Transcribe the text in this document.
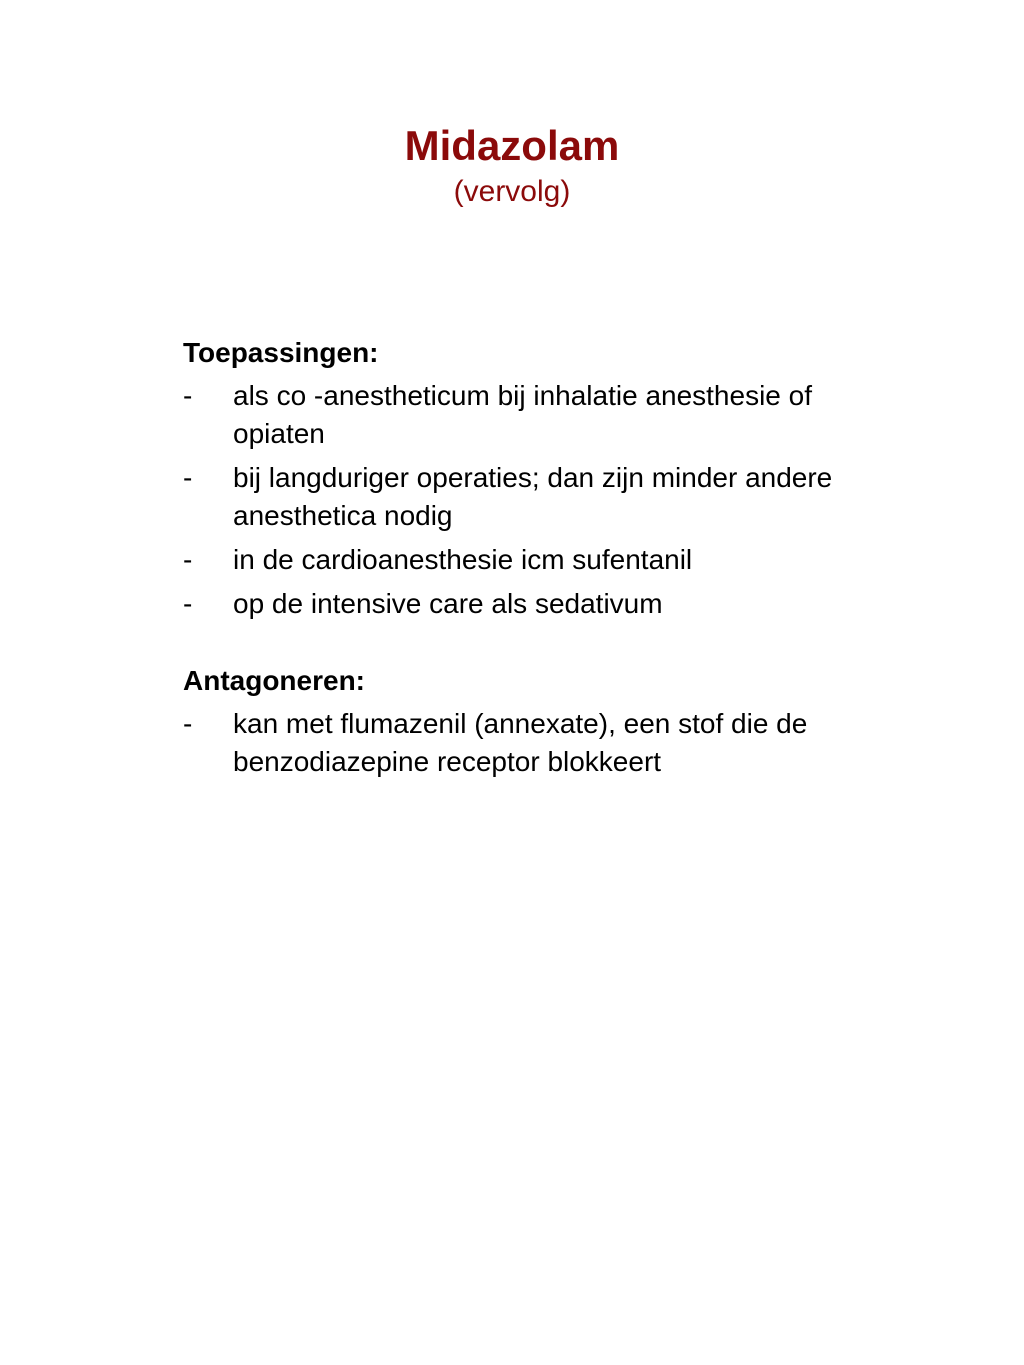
Midazolam

(vervolg)

Toepassingen:
- als co -anestheticum bij inhalatie anesthesie of opiaten
- bij langduriger operaties; dan zijn minder andere anesthetica nodig
- in de cardioanesthesie icm sufentanil
- op de intensive care als sedativum
Antagoneren:
- kan met flumazenil (annexate), een stof die de benzodiazepine receptor blokkeert
